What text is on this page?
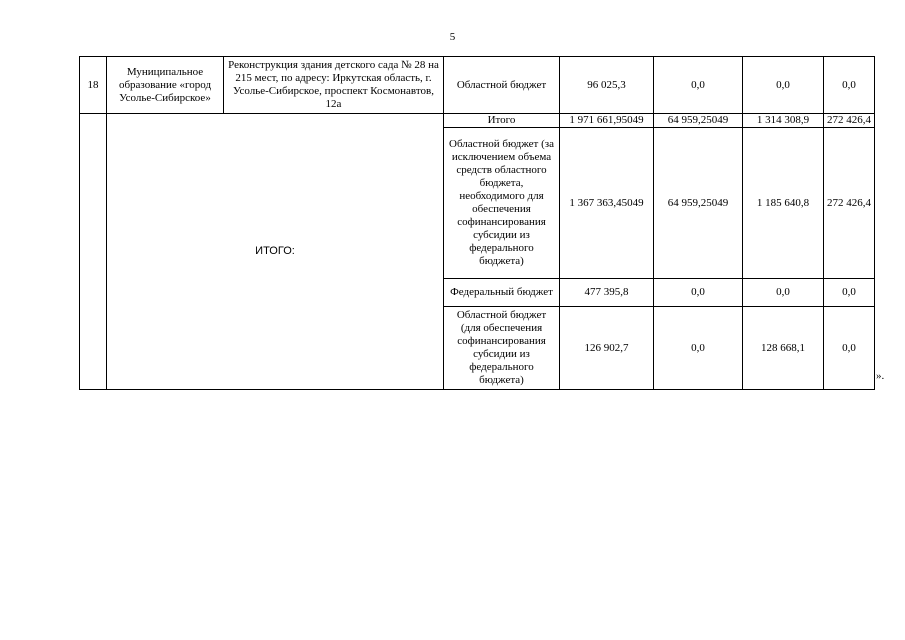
5
18	Муниципальное образование «город Усолье-Сибирское»	Реконструкция здания детского сада № 28 на 215 мест, по адресу: Иркутская область, г. Усолье-Сибирское, проспект Космонавтов, 12а	Областной бюджет	96 025,3	0,0	0,0	0,0
	ИТОГО:		Итого	1 971 661,95049	64 959,25049	1 314 308,9	272 426,4
			Областной бюджет (за исключением объема средств областного бюджета, необходимого для обеспечения софинансирования субсидии из федерального бюджета)	1 367 363,45049	64 959,25049	1 185 640,8	272 426,4
			Федеральный бюджет	477 395,8	0,0	0,0	0,0
			Областной бюджет (для обеспечения софинансирования субсидии из федерального бюджета)	126 902,7	0,0	128 668,1	0,0
».
